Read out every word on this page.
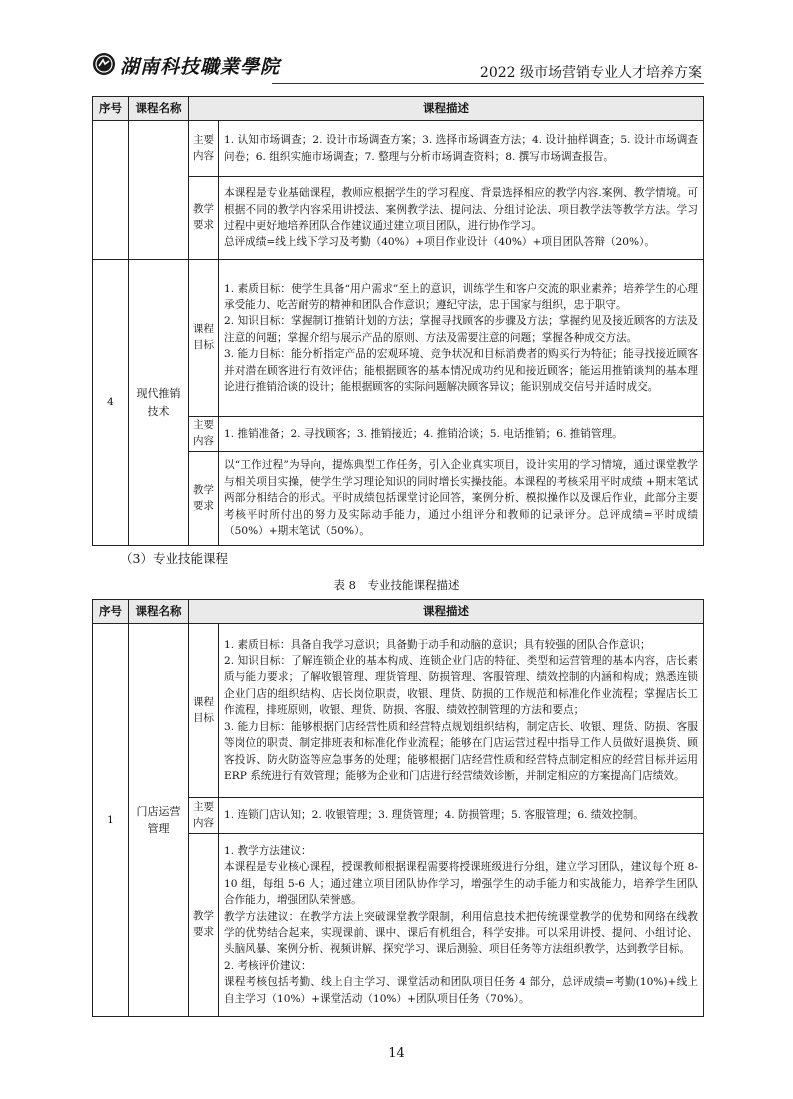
湖南科技職業學院	2022 级市场营销专业人才培养方案
序号	课程名称	课程描述	
		主要内容	1. 认知市场调查；2. 设计市场调查方案；3. 选择市场调查方法；4. 设计抽样调查；5. 设计市场调查问卷；6. 组织实施市场调查；7. 整理与分析市场调查资料；8. 撰写市场调查报告。
		教学要求	本课程是专业基础课程，教师应根据学生的学习程度、背景选择相应的教学内容.案例、教学情境。可根据不同的教学内容采用讲授法、案例教学法、提问法、分组讨论法、项目教学法等教学方法。学习过程中更好地培养团队合作建议通过建立项目团队，进行协作学习。

总评成绩=线上线下学习及考勤（40%）+项目作业设计（40%）+项目团队答辩（20%）。

4	现代推销技术	课程目标	1. 素质目标：使学生具备“用户需求”至上的意识，训练学生和客户交流的职业素养；培养学生的心理承受能力、吃苦耐劳的精神和团队合作意识；遵纪守法，忠于国家与组织，忠于职守。

2. 知识目标：掌握制订推销计划的方法；掌握寻找顾客的步骤及方法；掌握约见及接近顾客的方法及注意的问题；掌握介绍与展示产品的原则、方法及需要注意的问题；掌握各种成交方法。

3. 能力目标：能分析指定产品的宏观环境、竞争状况和目标消费者的购买行为特征；能寻找接近顾客并对潜在顾客进行有效评估；能根据顾客的基本情况成功约见和接近顾客；能运用推销谈判的基本理论进行推销洽谈的设计；能根据顾客的实际问题解决顾客异议；能识别成交信号并适时成交。

		主要内容	1. 推销准备；2. 寻找顾客；3. 推销接近；4. 推销洽谈；5. 电话推销；6. 推销管理。
		教学要求	以“工作过程”为导向，提炼典型工作任务，引入企业真实项目，设计实用的学习情境，通过课堂教学与相关项目实操，使学生学习理论知识的同时增长实操技能。本课程的考核采用平时成绩 +期末笔试两部分相结合的形式。平时成绩包括课堂讨论回答，案例分析、模拟操作以及课后作业，此部分主要考核平时所付出的努力及实际动手能力，通过小组评分和教师的记录评分。总评成绩=平时成绩（50%）+期末笔试（50%）。
（3）专业技能课程
表 8　专业技能课程描述
序号	课程名称	课程描述	
1	门店运营管理	课程目标	1. 素质目标：具备自我学习意识；具备勤于动手和动脑的意识；具有较强的团队合作意识；

2. 知识目标：了解连锁企业的基本构成、连锁企业门店的特征、类型和运营管理的基本内容，店长素质与能力要求；了解收银管理、理货管理、防损管理、客服管理、绩效控制的内涵和构成；熟悉连锁企业门店的组织结构、店长岗位职责，收银、理货、防损的工作规范和标准化作业流程；掌握店长工作流程，排班原则，收银、理货、防损、客服、绩效控制管理的方法和要点；

3. 能力目标：能够根据门店经营性质和经营特点规划组织结构，制定店长、收银、理货、防损、客服等岗位的职责、制定排班表和标准化作业流程；能够在门店运营过程中指导工作人员做好退换货、顾客投诉、防火防盗等应急事务的处理；能够根据门店经营性质和经营特点制定相应的经营目标并运用 ERP 系统进行有效管理；能够为企业和门店进行经营绩效诊断，并制定相应的方案提高门店绩效。

		主要内容	1. 连锁门店认知；2. 收银管理；3. 理货管理；4. 防损管理；5. 客服管理；6. 绩效控制。
		教学要求	1. 教学方法建议：

本课程是专业核心课程，授课教师根据课程需要将授课班级进行分组，建立学习团队，建议每个班 8-10 组，每组 5-6 人；通过建立项目团队协作学习，增强学生的动手能力和实战能力，培养学生团队合作能力，增强团队荣誉感。

教学方法建议：在教学方法上突破课堂教学限制，利用信息技术把传统课堂教学的优势和网络在线教学的优势结合起来，实现课前、课中、课后有机组合，科学安排。可以采用讲授、提问、小组讨论、头脑风暴、案例分析、视频讲解、探究学习、课后测验、项目任务等方法组织教学，达到教学目标。

2. 考核评价建议：

课程考核包括考勤、线上自主学习、课堂活动和团队项目任务 4 部分，总评成绩=考勤(10%)+线上自主学习（10%）+课堂活动（10%）+团队项目任务（70%）。

14
